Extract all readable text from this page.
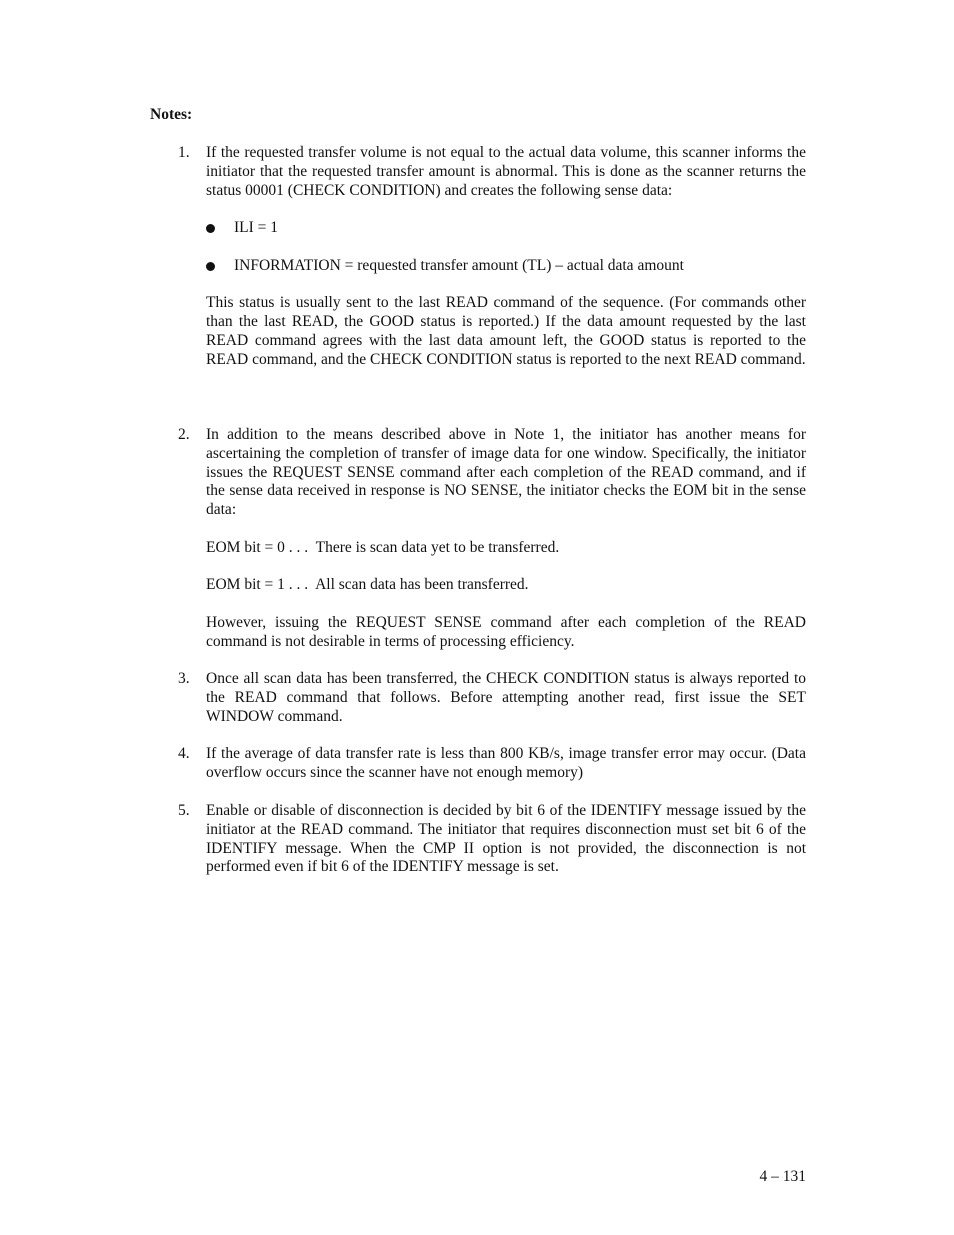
Notes:
1.	If the requested transfer volume is not equal to the actual data volume, this scanner informs the initiator that the requested transfer amount is abnormal. This is done as the scanner returns the status 00001 (CHECK CONDITION) and creates the following sense data:

ILI = 1
INFORMATION = requested transfer amount (TL) – actual data amount

This status is usually sent to the last READ command of the sequence. (For commands other than the last READ, the GOOD status is reported.) If the data amount requested by the last READ command agrees with the last data amount left, the GOOD status is reported to the READ command, and the CHECK CONDITION status is reported to the next READ command.

2.	In addition to the means described above in Note 1, the initiator has another means for ascertaining the completion of transfer of image data for one window. Specifically, the initiator issues the REQUEST SENSE command after each completion of the READ command, and if the sense data received in response is NO SENSE, the initiator checks the EOM bit in the sense data:

EOM bit = 0 . . .  There is scan data yet to be transferred.

EOM bit = 1 . . .  All scan data has been transferred.

However, issuing the REQUEST SENSE command after each completion of the READ command is not desirable in terms of processing efficiency.

3.	Once all scan data has been transferred, the CHECK CONDITION status is always reported to the READ command that follows. Before attempting another read, first issue the SET WINDOW command.

4.	If the average of data transfer rate is less than 800 KB/s, image transfer error may occur. (Data overflow occurs since the scanner have not enough memory)

5.	Enable or disable of disconnection is decided by bit 6 of the IDENTIFY message issued by the initiator at the READ command. The initiator that requires disconnection must set bit 6 of the IDENTIFY message. When the CMP II option is not provided, the disconnection is not performed even if bit 6 of the IDENTIFY message is set.

4 – 131
